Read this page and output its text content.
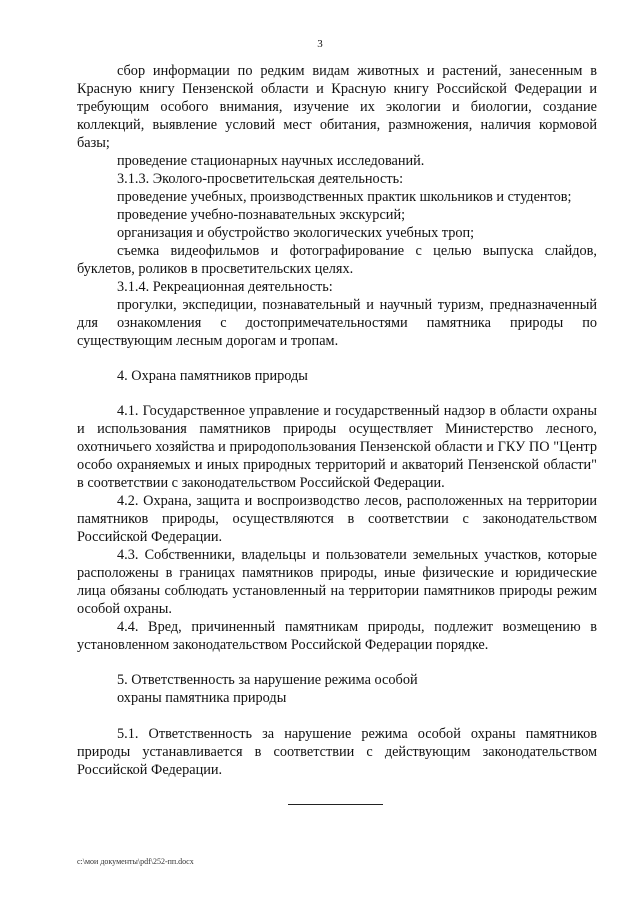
3

сбор информации по редким видам животных и растений, занесенным в Красную книгу Пензенской области и Красную книгу Российской Федерации и требующим особого внимания, изучение их экологии и биологии, создание коллекций, выявление условий мест обитания, размножения, наличия кормовой базы;

проведение стационарных научных исследований.

3.1.3. Эколого-просветительская деятельность:

проведение учебных, производственных практик школьников и студентов;

проведение учебно-познавательных экскурсий;

организация и обустройство экологических учебных троп;

съемка видеофильмов и фотографирование с целью выпуска слайдов, буклетов, роликов в просветительских целях.

3.1.4. Рекреационная деятельность:

прогулки, экспедиции, познавательный и научный туризм, предназначенный для ознакомления с достопримечательностями памятника природы по существующим лесным дорогам и тропам.

4. Охрана памятников природы

4.1. Государственное управление и государственный надзор в области охраны и использования памятников природы осуществляет Министерство лесного, охотничьего хозяйства и природопользования Пензенской области и ГКУ ПО "Центр особо охраняемых и иных природных территорий и акваторий Пензенской области" в соответствии с законодательством Российской Федерации.

4.2. Охрана, защита и воспроизводство лесов, расположенных на территории памятников природы, осуществляются в соответствии с законодательством Российской Федерации.

4.3. Собственники, владельцы и пользователи земельных участков, которые расположены в границах памятников природы, иные физические и юридические лица обязаны соблюдать установленный на территории памятников природы режим особой охраны.

4.4. Вред, причиненный памятникам природы, подлежит возмещению в установленном законодательством Российской Федерации порядке.

5. Ответственность за нарушение режима особой

охраны памятника природы

5.1. Ответственность за нарушение режима особой охраны памятников природы устанавливается в соответствии с действующим законодательством Российской Федерации.

c:\мои документы\pdf\252-пп.docx
